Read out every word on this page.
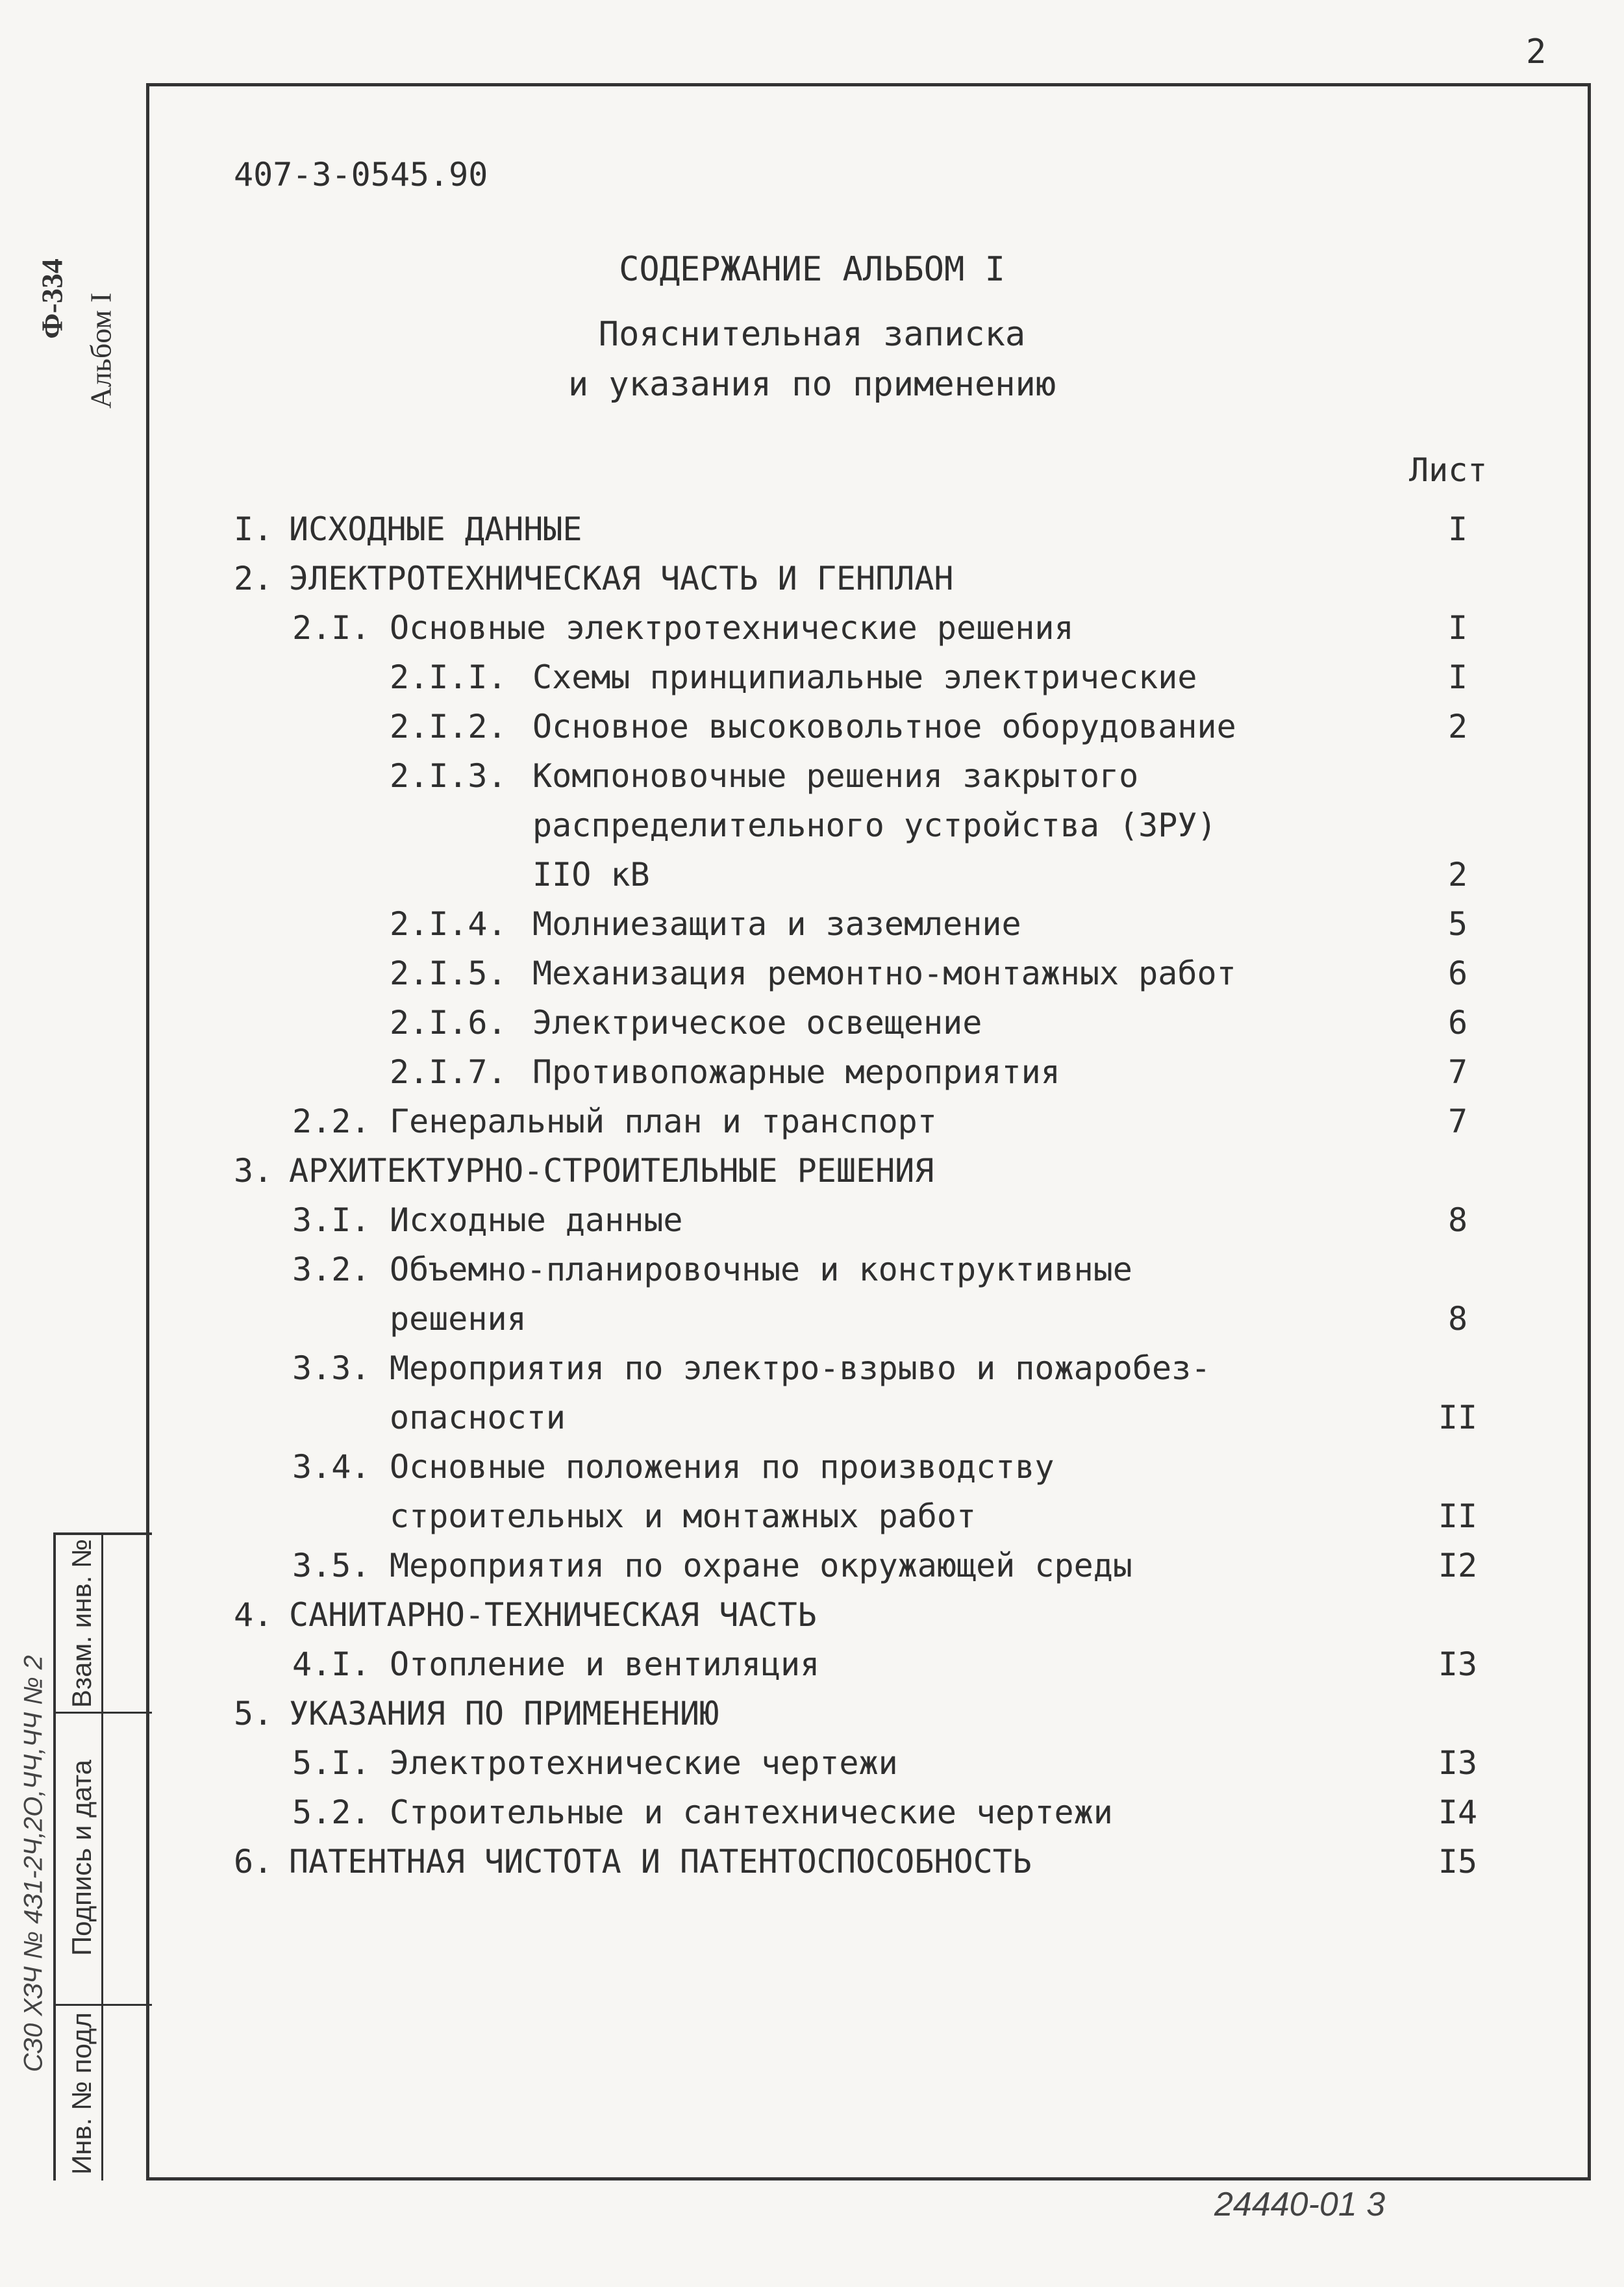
2
407-3-0545.90
СОДЕРЖАНИЕ АЛЬБОМ I
Пояснительная записка
и указания по применению
Лист
I. ИСХОДНЫЕ ДАННЫЕ	I
2. ЭЛЕКТРОТЕХНИЧЕСКАЯ ЧАСТЬ И ГЕНПЛАН
2.I. Основные электротехнические решения	I
2.I.I. Схемы принципиальные электрические	I
2.I.2. Основное высоковольтное оборудование	2
2.I.3. Компоновочные решения закрытого
распределительного устройства (ЗРУ)
IIО кВ	2
2.I.4. Молниезащита и заземление	5
2.I.5. Механизация ремонтно-монтажных работ	6
2.I.6. Электрическое освещение	6
2.I.7. Противопожарные мероприятия	7
2.2. Генеральный план и транспорт	7
3. АРХИТЕКТУРНО-СТРОИТЕЛЬНЫЕ РЕШЕНИЯ
3.I. Исходные данные	8
3.2. Объемно-планировочные и конструктивные
решения	8
3.3. Мероприятия по электро-взрыво и пожаробез-
опасности	II
3.4. Основные положения по производству
строительных и монтажных работ	II
3.5. Мероприятия по охране окружающей среды	I2
4. САНИТАРНО-ТЕХНИЧЕСКАЯ ЧАСТЬ
4.I. Отопление и вентиляция	I3
5. УКАЗАНИЯ ПО ПРИМЕНЕНИЮ
5.I. Электротехнические чертежи	I3
5.2. Строительные и сантехнические чертежи	I4
6. ПАТЕНТНАЯ ЧИСТОТА И ПАТЕНТОСПОСОБНОСТЬ	I5
Ф-334 Альбом I
СЗ0 ХЗЧ № 4З1-2Ч,2О,ЧЧ,ЧЧ № 2
Взам. инв. №
Подпись и дата
Инв. № подл
24440-01 3
